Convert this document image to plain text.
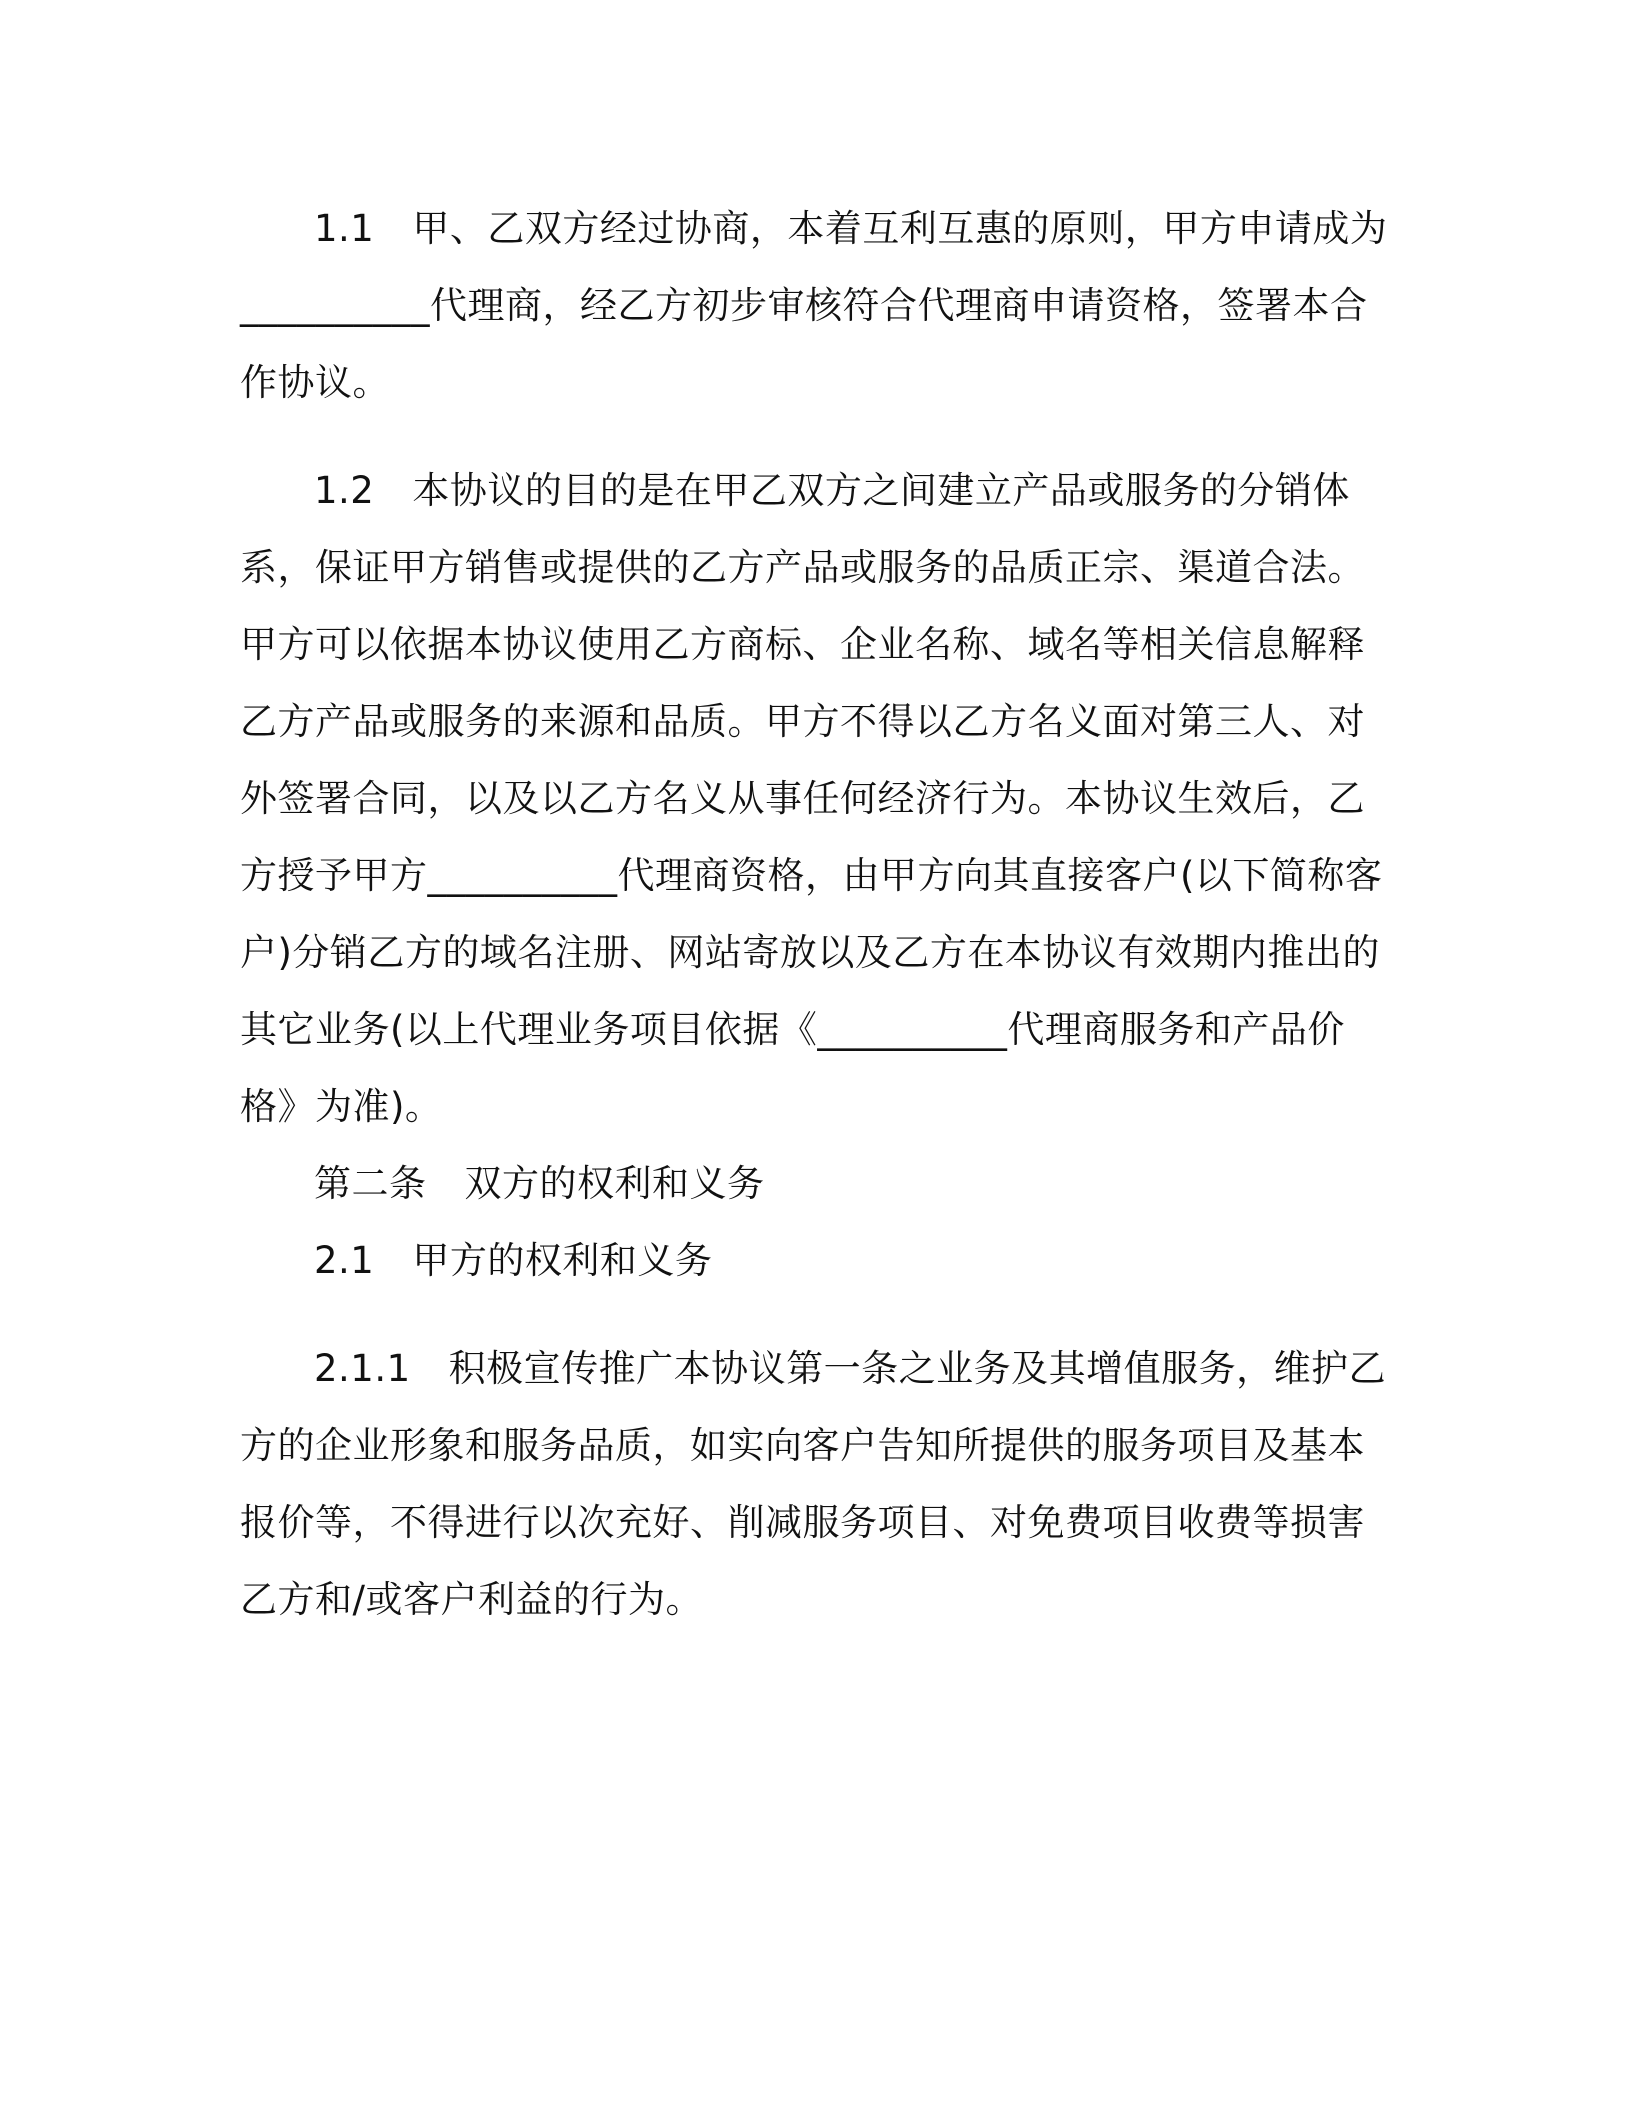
1.1 甲、乙双方经过协商，本着互利互惠的原则，甲方申请成为__________代理商，经乙方初步审核符合代理商申请资格，签署本合作协议。

1.2 本协议的目的是在甲乙双方之间建立产品或服务的分销体系，保证甲方销售或提供的乙方产品或服务的品质正宗、渠道合法。甲方可以依据本协议使用乙方商标、企业名称、域名等相关信息解释乙方产品或服务的来源和品质。甲方不得以乙方名义面对第三人、对外签署合同，以及以乙方名义从事任何经济行为。本协议生效后，乙方授予甲方__________代理商资格，由甲方向其直接客户(以下简称客户)分销乙方的域名注册、网站寄放以及乙方在本协议有效期内推出的其它业务(以上代理业务项目依据《__________代理商服务和产品价格》为准)。

第二条 双方的权利和义务

2.1 甲方的权利和义务

2.1.1 积极宣传推广本协议第一条之业务及其增值服务，维护乙方的企业形象和服务品质，如实向客户告知所提供的服务项目及基本报价等，不得进行以次充好、削减服务项目、对免费项目收费等损害乙方和/或客户利益的行为。
